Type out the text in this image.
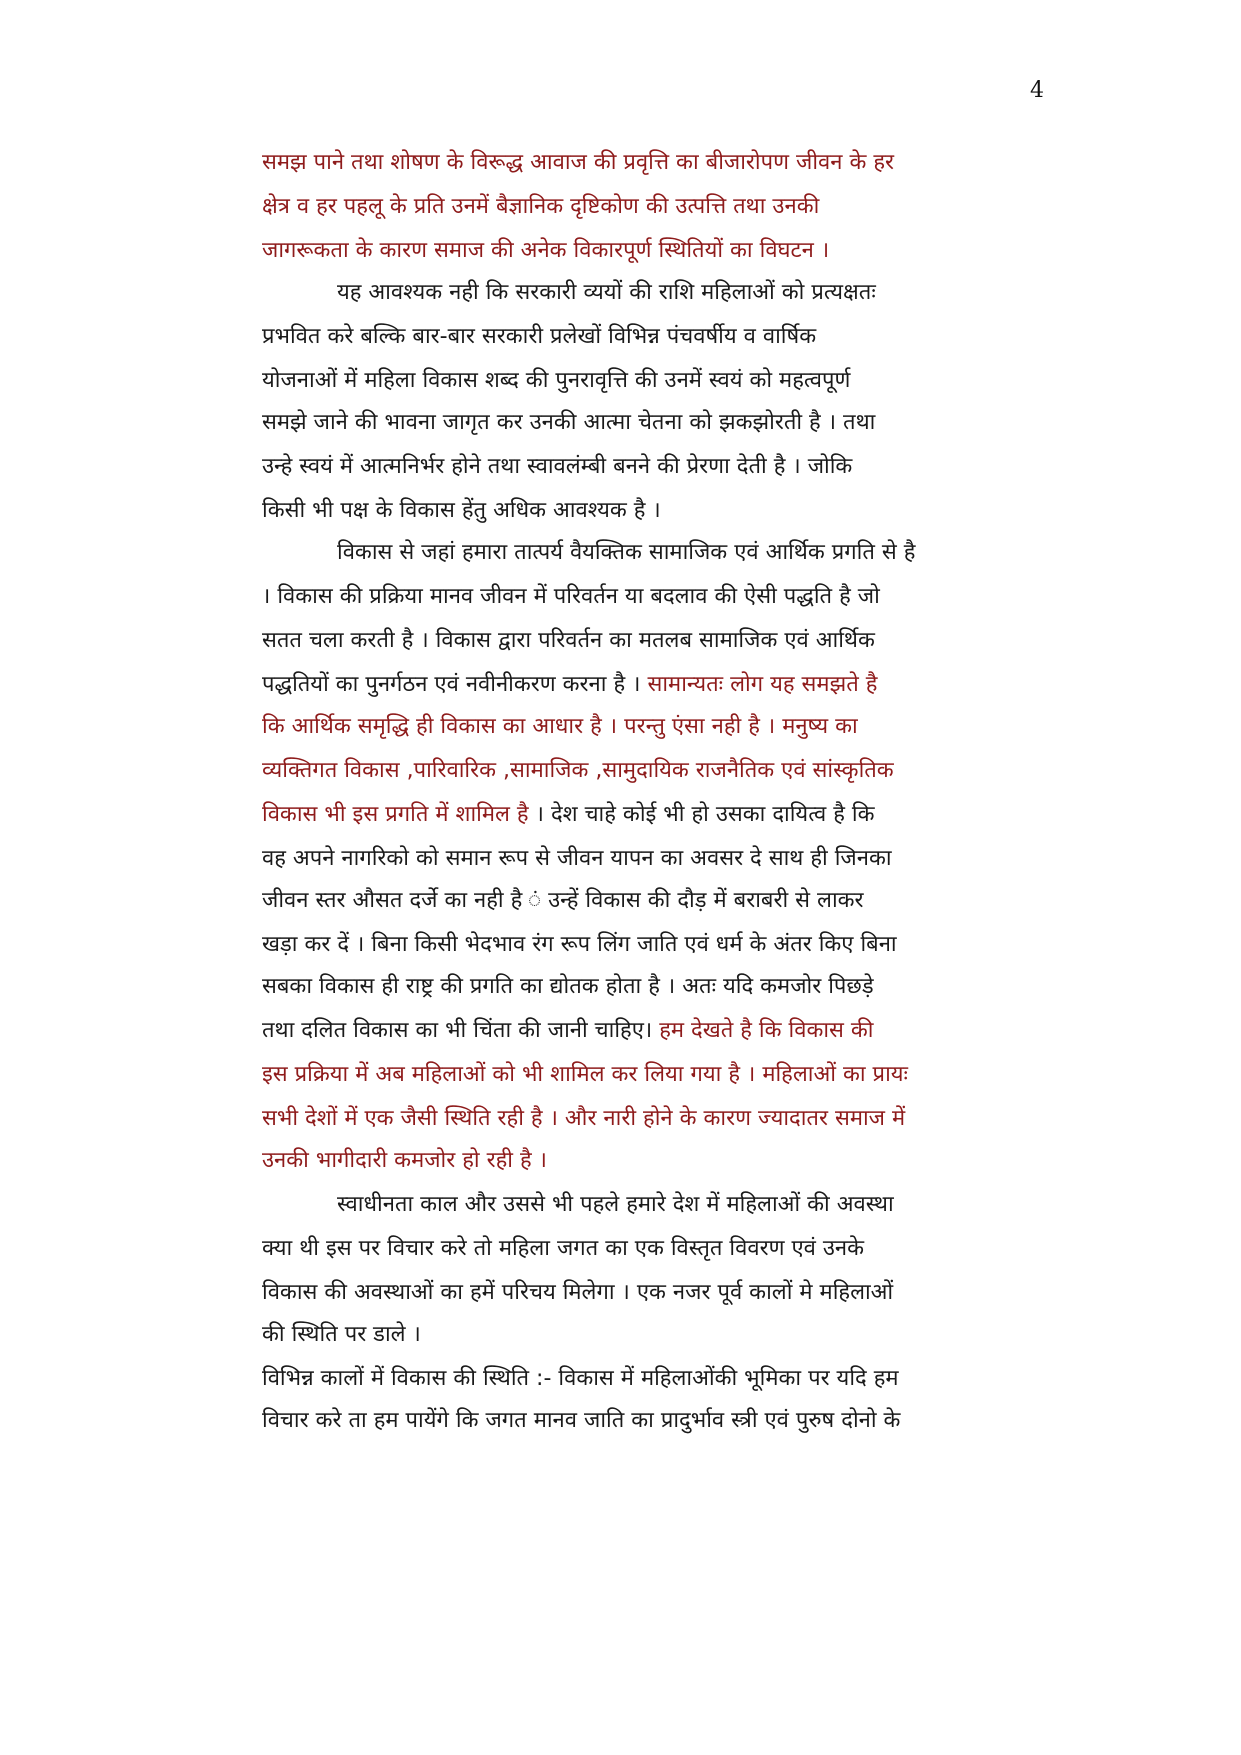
4
समझ पाने तथा शोषण के विरूद्ध आवाज की प्रवृत्ति का बीजारोपण जीवन के हर
क्षेत्र व हर पहलू के प्रति उनमें बैज्ञानिक दृष्टिकोण की उत्पत्ति तथा उनकी
जागरूकता के कारण समाज की अनेक विकारपूर्ण स्थितियों का विघटन ।
यह आवश्यक नही कि सरकारी व्ययों की राशि महिलाओं को प्रत्यक्षतः
प्रभवित करे बल्कि बार-बार सरकारी प्रलेखों विभिन्न पंचवर्षीय व वार्षिक
योजनाओं में महिला विकास शब्द की पुनरावृत्ति की उनमें स्वयं को महत्वपूर्ण
समझे जाने की भावना जागृत कर उनकी आत्मा चेतना को झकझोरती है । तथा
उन्हे स्वयं में आत्मनिर्भर होने तथा स्वावलंम्बी बनने की प्रेरणा देती है । जोकि
किसी भी पक्ष के विकास हेंतु अधिक आवश्यक है ।
विकास से जहां हमारा तात्पर्य वैयक्तिक सामाजिक एवं आर्थिक प्रगति से है
। विकास की प्रक्रिया मानव जीवन में परिवर्तन या बदलाव की ऐसी पद्धति है जो
सतत चला करती है । विकास द्वारा परिवर्तन का मतलब सामाजिक एवं आर्थिक
पद्धतियों का पुनर्गठन एवं नवीनीकरण करना है । सामान्यतः लोग यह समझते है
कि आर्थिक समृद्धि ही विकास का आधार है । परन्तु एंसा नही है । मनुष्य का
व्यक्तिगत विकास ,पारिवारिक ,सामाजिक ,सामुदायिक राजनैतिक एवं सांस्कृतिक
विकास भी इस प्रगति में शामिल है । देश चाहे कोई भी हो उसका दायित्व है कि
वह अपने नागरिको को समान रूप से जीवन यापन का अवसर दे साथ ही जिनका
जीवन स्तर औसत दर्जे का नही है ं उन्हें विकास की दौड़ में बराबरी से लाकर
खड़ा कर दें । बिना किसी भेदभाव रंग रूप लिंग जाति एवं धर्म के अंतर किए बिना
सबका विकास ही राष्ट्र की प्रगति का द्योतक होता है । अतः यदि कमजोर पिछड़े
तथा दलित विकास का भी चिंता की जानी चाहिए। हम देखते है कि विकास की
इस प्रक्रिया में अब महिलाओं को भी शामिल कर लिया गया है । महिलाओं का प्रायः
सभी देशों में एक जैसी स्थिति रही है । और नारी होने के कारण ज्यादातर समाज में
उनकी भागीदारी कमजोर हो रही है ।
स्वाधीनता काल और उससे भी पहले हमारे देश में महिलाओं की अवस्था
क्या थी इस पर विचार करे तो महिला जगत का एक विस्तृत विवरण एवं उनके
विकास की अवस्थाओं का हमें परिचय मिलेगा । एक नजर पूर्व कालों मे महिलाओं
की स्थिति पर डाले ।
विभिन्न कालों में विकास की स्थिति :- विकास में महिलाओंकी भूमिका पर यदि हम
विचार करे ता हम पायेंगे कि जगत मानव जाति का प्रादुर्भाव स्त्री एवं पुरुष दोनो के
